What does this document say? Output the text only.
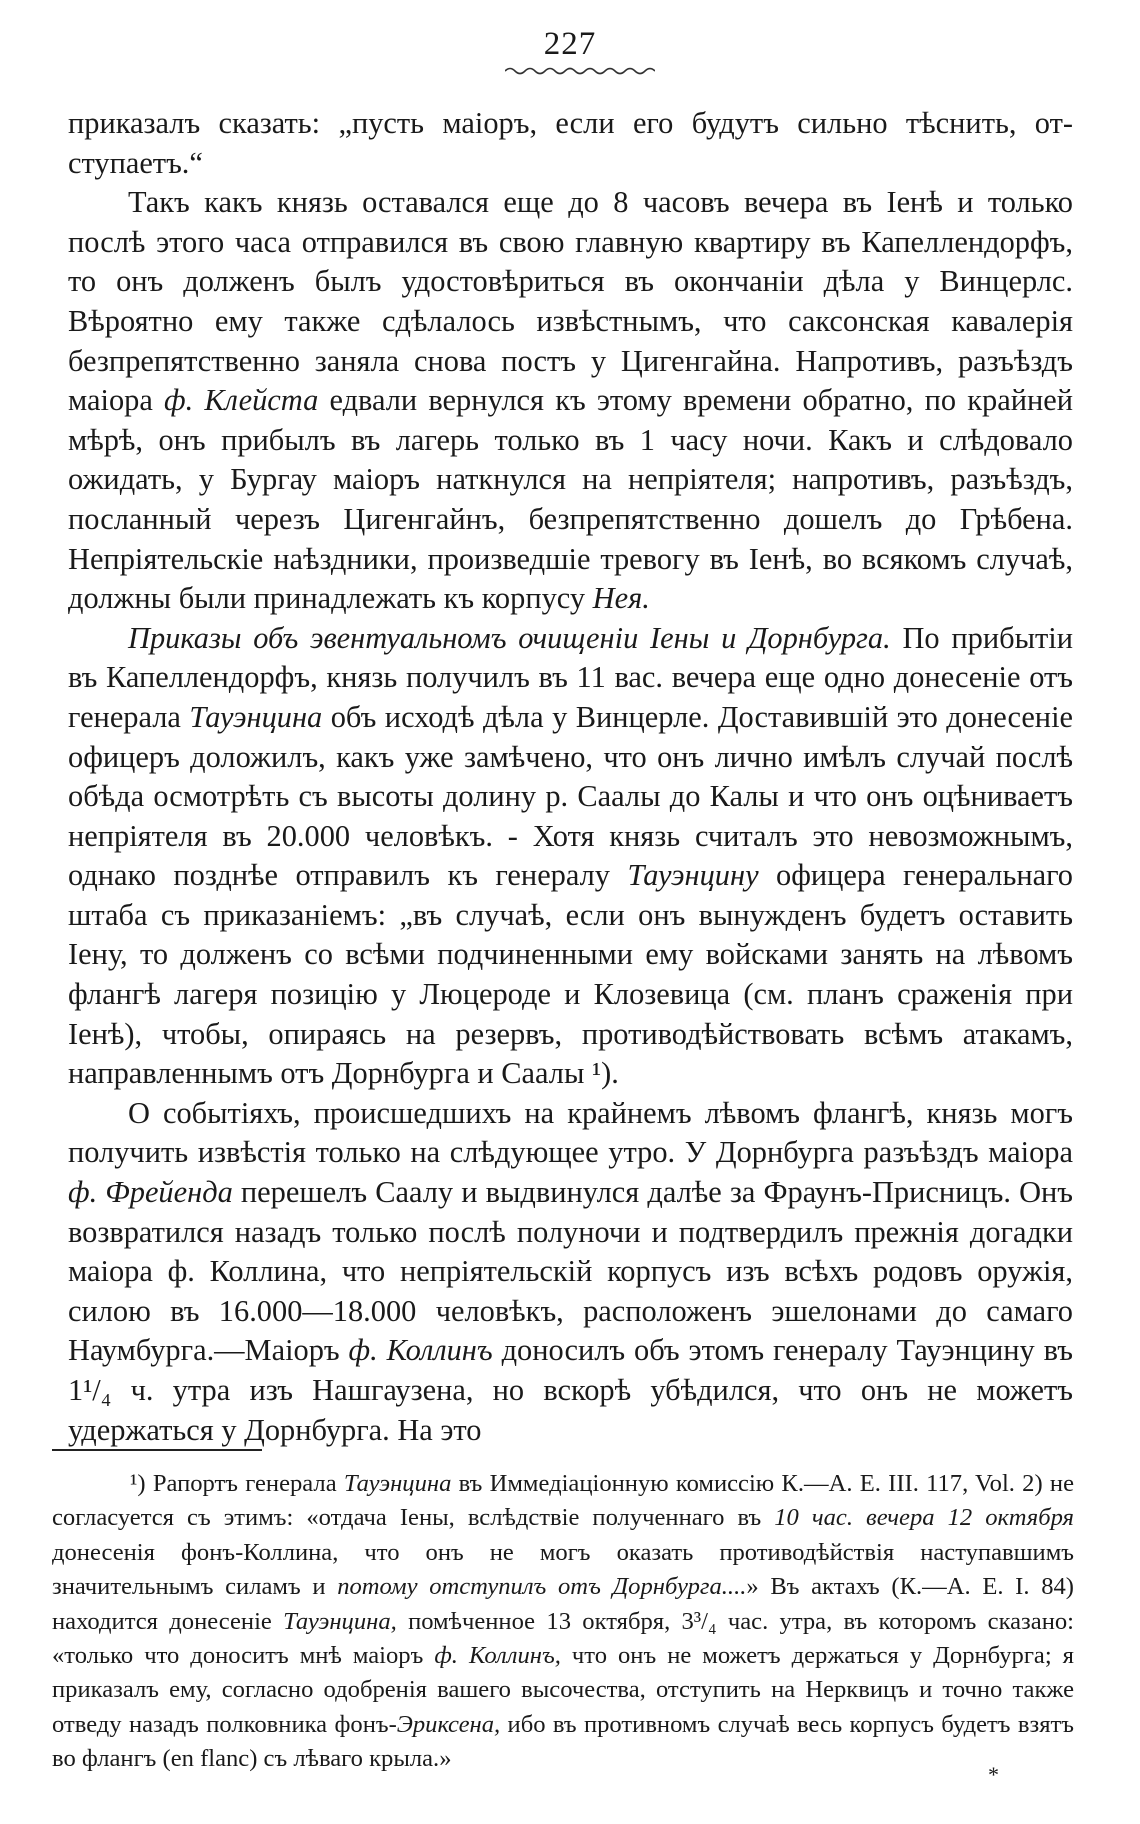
227

приказалъ сказать: „пусть маiоръ, если его будутъ сильно тѣснить, от-ступаетъ.“

Такъ какъ князь оставался еще до 8 часовъ вечера въ Iенѣ и только послѣ этого часа отправился въ свою главную квартиру въ Капеллендорфъ, то онъ долженъ былъ удостовѣриться въ окончанiи дѣла у Винцерлс. Вѣроятно ему также сдѣлалось извѣстнымъ, что саксонская кавалерiя безпрепятственно заняла снова постъ у Цигенгайна. Напротивъ, разъѣздъ маiора ф. Клейста едвали вернулся къ этому времени обратно, по крайней мѣрѣ, онъ прибылъ въ лагерь только въ 1 часу ночи. Какъ и слѣдовало ожидать, у Бургау маiоръ наткнулся на непрiятеля; напротивъ, разъѣздъ, посланный черезъ Цигенгайнъ, безпрепятственно дошелъ до Грѣбена. Непрiятельскiе наѣздники, произведшiе тревогу въ Iенѣ, во всякомъ случаѣ, должны были принадлежать къ корпусу Нея.

Приказы объ эвентуальномъ очищенiи Iены и Дорнбурга. По прибытiи въ Капеллендорфъ, князь получилъ въ 11 вас. вечера еще одно донесенiе отъ генерала Тауэнцина объ исходѣ дѣла у Винцерле. Доставившiй это донесенiе офицеръ доложилъ, какъ уже замѣчено, что онъ лично имѣлъ случай послѣ обѣда осмотрѣть съ высоты долину р. Саалы до Калы и что онъ оцѣниваетъ непрiятеля въ 20.000 человѣкъ. - Хотя князь считалъ это невозможнымъ, однако позднѣе отправилъ къ генералу Тауэнцину офицера генеральнаго штаба съ приказанiемъ: „въ случаѣ, если онъ вынужденъ будетъ оставить Iену, то долженъ со всѣми подчиненными ему войсками занять на лѣвомъ флангѣ лагеря позицiю у Люцероде и Клозевица (см. планъ сраженiя при Iенѣ), чтобы, опираясь на резервъ, противодѣйствовать всѣмъ атакамъ, направленнымъ отъ Дорнбурга и Саалы ¹).

О событiяхъ, происшедшихъ на крайнемъ лѣвомъ флангѣ, князь могъ получить извѣстiя только на слѣдующее утро. У Дорнбурга разъѣздъ маiора ф. Фрейенда перешелъ Саалу и выдвинулся далѣе за Фраунъ-Присницъ. Онъ возвратился назадъ только послѣ полуночи и подтвердилъ прежнiя догадки маiора ф. Коллина, что непрiятельскiй корпусъ изъ всѣхъ родовъ оружiя, силою въ 16.000—18.000 человѣкъ, расположенъ эшелонами до самаго Наумбурга.—Маiоръ ф. Коллинъ доносилъ объ этомъ генералу Тауэнцину въ 1¹/₄ ч. утра изъ Нашгаузена, но вскорѣ убѣдился, что онъ не можетъ удержаться у Дорнбурга. На это

¹) Рапортъ генерала Тауэнцина въ Иммедiацiонную комиссiю К.—А. Е. III. 117, Vol. 2) не согласуется съ этимъ: «отдача Iены, вслѣдствiе полученнаго въ 10 час. вечера 12 октября донесенiя фонъ-Коллина, что онъ не могъ оказать противодѣйствiя наступавшимъ значительнымъ силамъ и потому отступилъ отъ Дорнбурга....» Въ актахъ (К.—А. Е. I. 84) находится донесенiе Тауэнцина, помѣченное 13 октября, 3³/₄ час. утра, въ которомъ сказано: «только что доноситъ мнѣ маiоръ ф. Коллинъ, что онъ не можетъ держаться у Дорнбурга; я приказалъ ему, согласно одобренiя вашего высочества, отступить на Нерквицъ и точно также отведу назадъ полковника фонъ-Эриксена, ибо въ противномъ случаѣ весь корпусъ будетъ взятъ во флангъ (en flanc) съ лѣваго крыла.»

*
